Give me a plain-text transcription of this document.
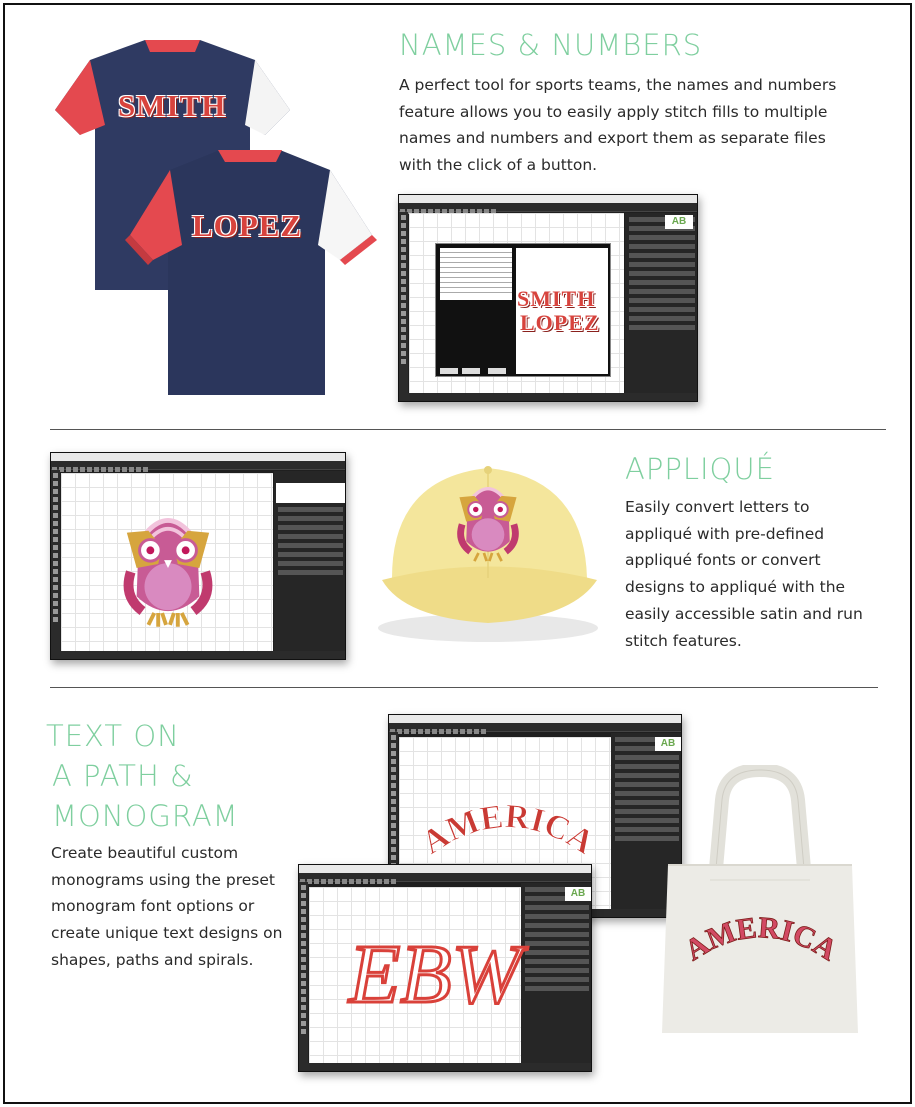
SMITH
LOPEZ
NAMES & NUMBERS
A perfect tool for sports teams, the names and numbers feature allows you to easily apply stitch fills to multiple names and numbers and export them as separate files with the click of a button.
AB
SMITH
LOPEZ
APPLIQUÉ
Easily convert letters to appliqué with pre-defined appliqué fonts or convert designs to appliqué with the easily accessible satin and run stitch features.
TEXT ON
A PATH &
MONOGRAM
Create beautiful custom monograms using the preset monogram font options or create unique text designs on shapes, paths and spirals.
AB
AMERICA
AB
EBW	AMERICA
